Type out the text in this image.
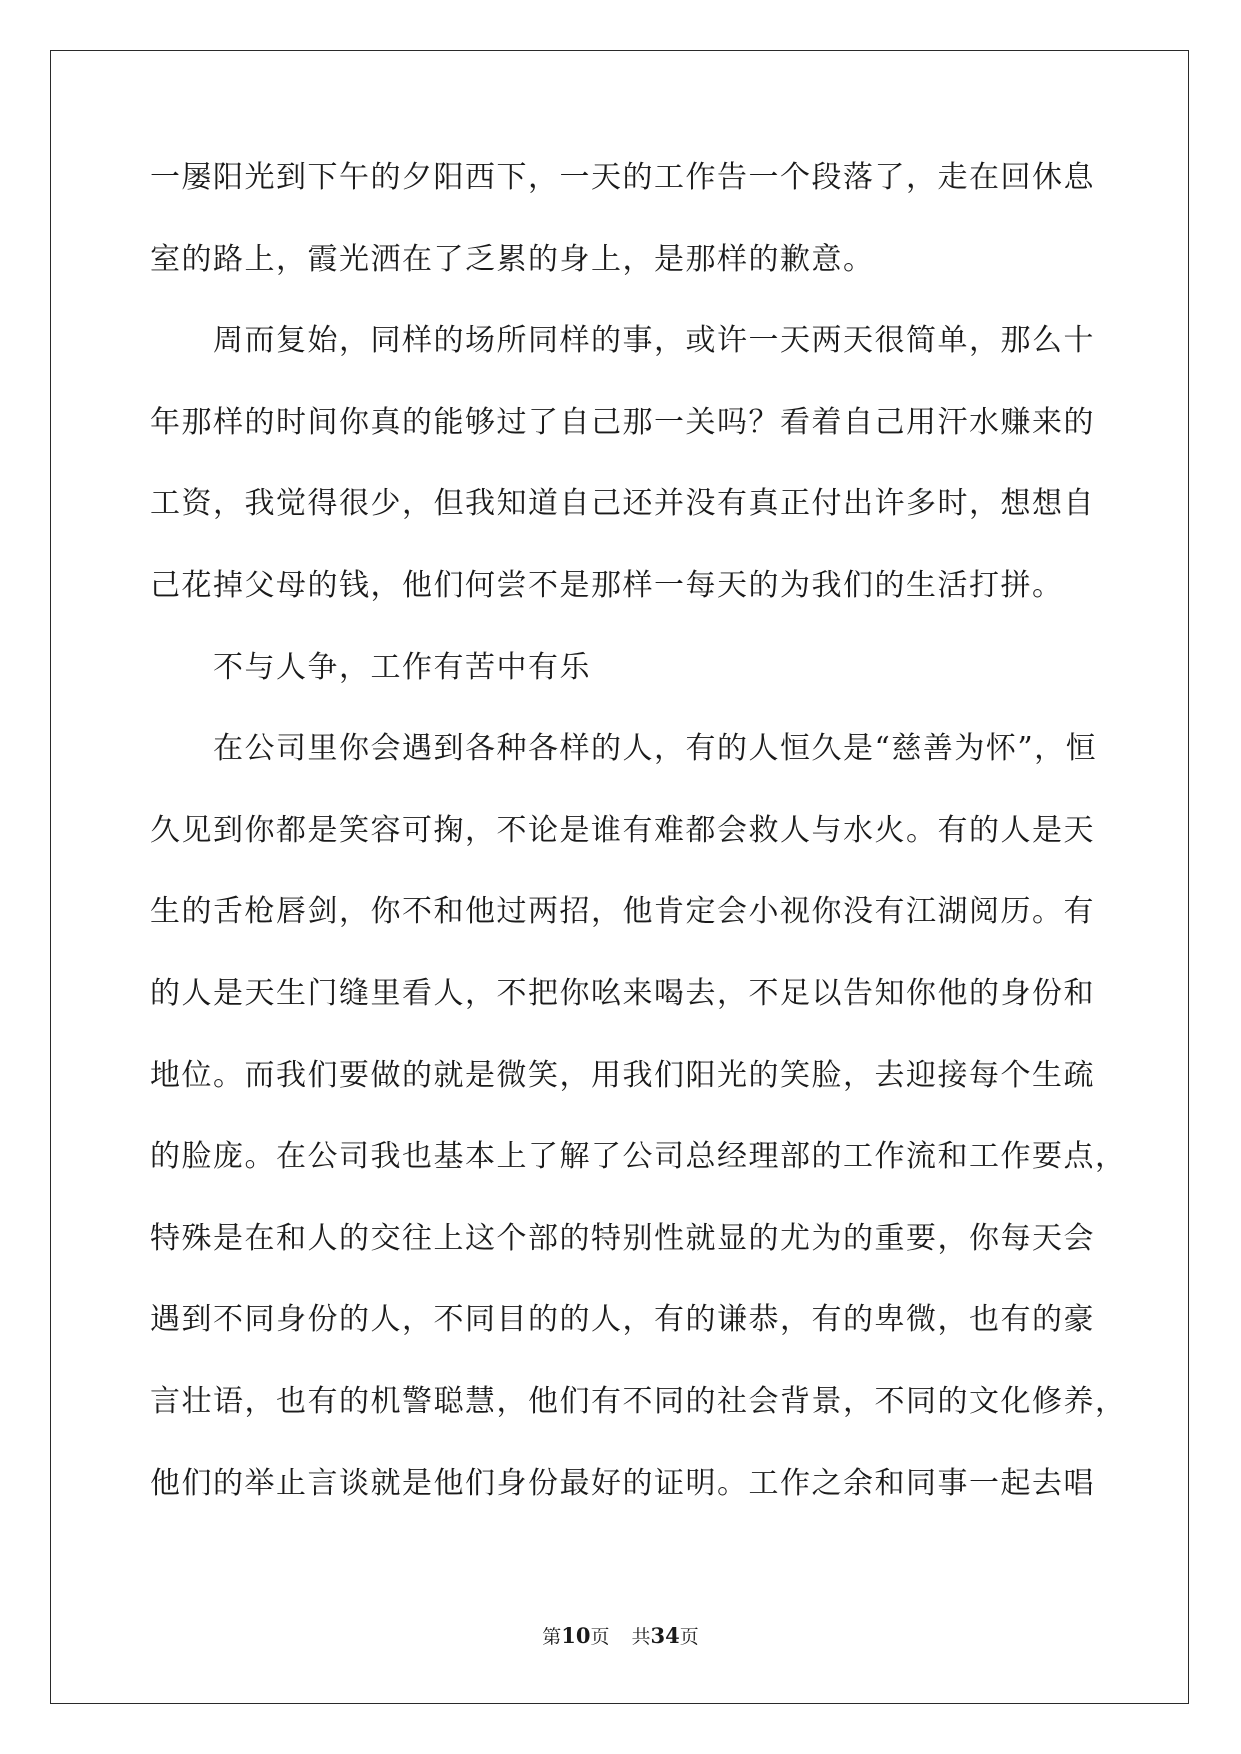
一屡阳光到下午的夕阳西下，一天的工作告一个段落了，走在回休息
室的路上，霞光洒在了乏累的身上，是那样的歉意。
　　周而复始，同样的场所同样的事，或许一天两天很简单，那么十
年那样的时间你真的能够过了自己那一关吗？看着自己用汗水赚来的
工资，我觉得很少，但我知道自己还并没有真正付出许多时，想想自
己花掉父母的钱，他们何尝不是那样一每天的为我们的生活打拼。
　　不与人争，工作有苦中有乐
　　在公司里你会遇到各种各样的人，有的人恒久是“慈善为怀”，恒
久见到你都是笑容可掬，不论是谁有难都会救人与水火。有的人是天
生的舌枪唇剑，你不和他过两招，他肯定会小视你没有江湖阅历。有
的人是天生门缝里看人，不把你吆来喝去，不足以告知你他的身份和
地位。而我们要做的就是微笑，用我们阳光的笑脸，去迎接每个生疏
的脸庞。在公司我也基本上了解了公司总经理部的工作流和工作要点，
特殊是在和人的交往上这个部的特别性就显的尤为的重要，你每天会
遇到不同身份的人，不同目的的人，有的谦恭，有的卑微，也有的豪
言壮语，也有的机警聪慧，他们有不同的社会背景，不同的文化修养，
他们的举止言谈就是他们身份最好的证明。工作之余和同事一起去唱
第10页 共34页
